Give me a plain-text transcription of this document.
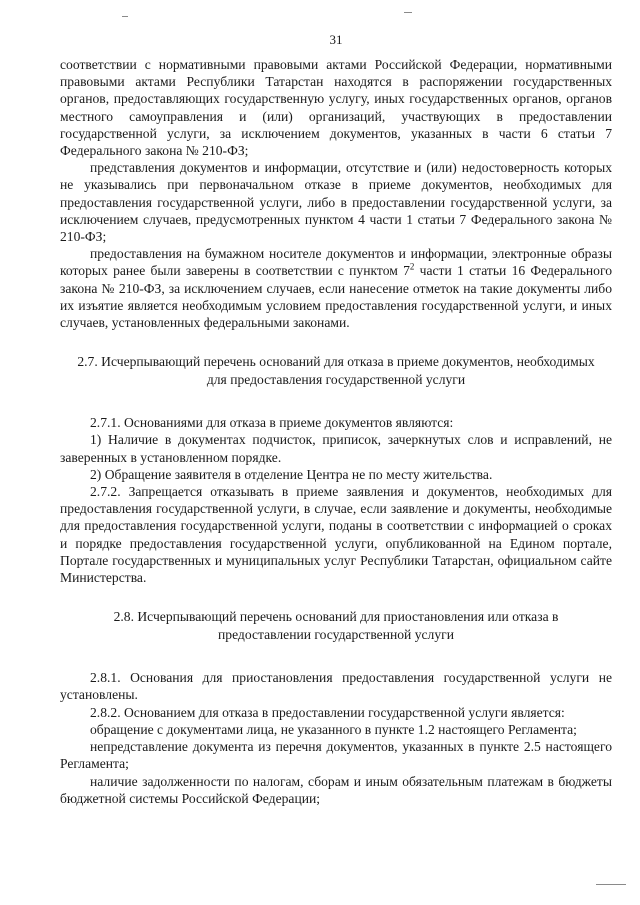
31

соответствии с нормативными правовыми актами Российской Федерации, нормативными правовыми актами Республики Татарстан находятся в распоряжении государственных органов, предоставляющих государственную услугу, иных государственных органов, органов местного самоуправления и (или) организаций, участвующих в предоставлении государственной услуги, за исключением документов, указанных в части 6 статьи 7 Федерального закона № 210-ФЗ;

представления документов и информации, отсутствие и (или) недостоверность которых не указывались при первоначальном отказе в приеме документов, необходимых для предоставления государственной услуги, либо в предоставлении государственной услуги, за исключением случаев, предусмотренных пунктом 4 части 1 статьи 7 Федерального закона № 210-ФЗ;

предоставления на бумажном носителе документов и информации, электронные образы которых ранее были заверены в соответствии с пунктом $7^2$ части 1 статьи 16 Федерального закона № 210-ФЗ, за исключением случаев, если нанесение отметок на такие документы либо их изъятие является необходимым условием предоставления государственной услуги, и иных случаев, установленных федеральными законами.

2.7. Исчерпывающий перечень оснований для отказа в приеме документов, необходимых для предоставления государственной услуги

2.7.1. Основаниями для отказа в приеме документов являются:

1) Наличие в документах подчисток, приписок, зачеркнутых слов и исправлений, не заверенных в установленном порядке.

2) Обращение заявителя в отделение Центра не по месту жительства.

2.7.2. Запрещается отказывать в приеме заявления и документов, необходимых для предоставления государственной услуги, в случае, если заявление и документы, необходимые для предоставления государственной услуги, поданы в соответствии с информацией о сроках и порядке предоставления государственной услуги, опубликованной на Едином портале, Портале государственных и муниципальных услуг Республики Татарстан, официальном сайте Министерства.

2.8. Исчерпывающий перечень оснований для приостановления или отказа в предоставлении государственной услуги

2.8.1. Основания для приостановления предоставления государственной услуги не установлены.

2.8.2. Основанием для отказа в предоставлении государственной услуги является:

обращение с документами лица, не указанного в пункте 1.2 настоящего Регламента;

непредставление документа из перечня документов, указанных в пункте 2.5 настоящего Регламента;

наличие задолженности по налогам, сборам и иным обязательным платежам в бюджеты бюджетной системы Российской Федерации;
